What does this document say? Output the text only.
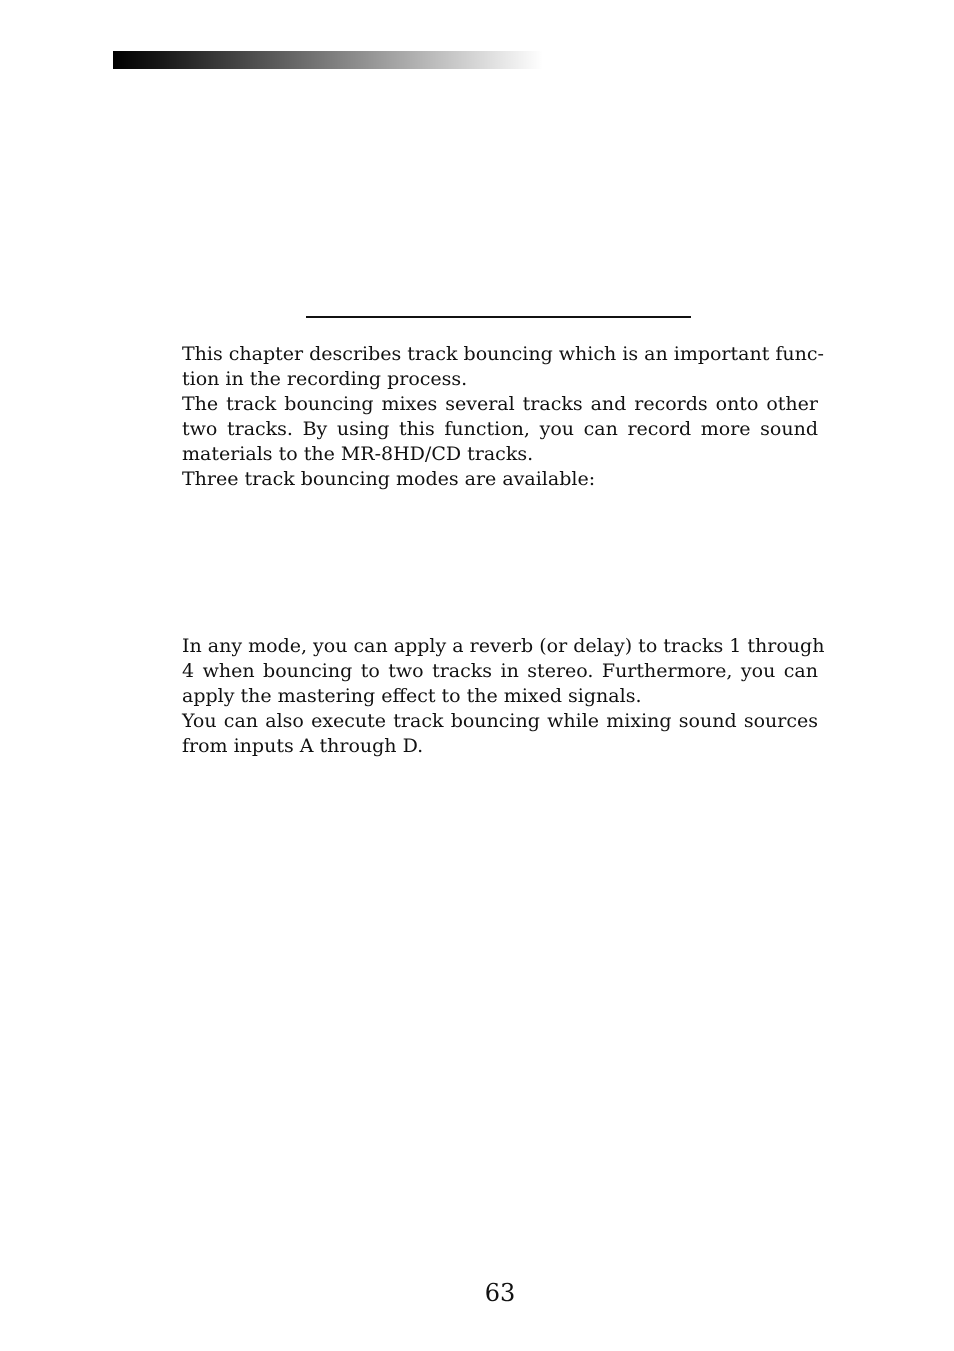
This chapter describes track bouncing which is an important func-
tion in the recording process.
The track bouncing mixes several tracks and records onto other
two tracks. By using this function, you can record more sound
materials to the MR-8HD/CD tracks.
Three track bouncing modes are available:
In any mode, you can apply a reverb (or delay) to tracks 1 through
4 when bouncing to two tracks in stereo. Furthermore, you can
apply the mastering effect to the mixed signals.
You can also execute track bouncing while mixing sound sources
from inputs A through D.
63
